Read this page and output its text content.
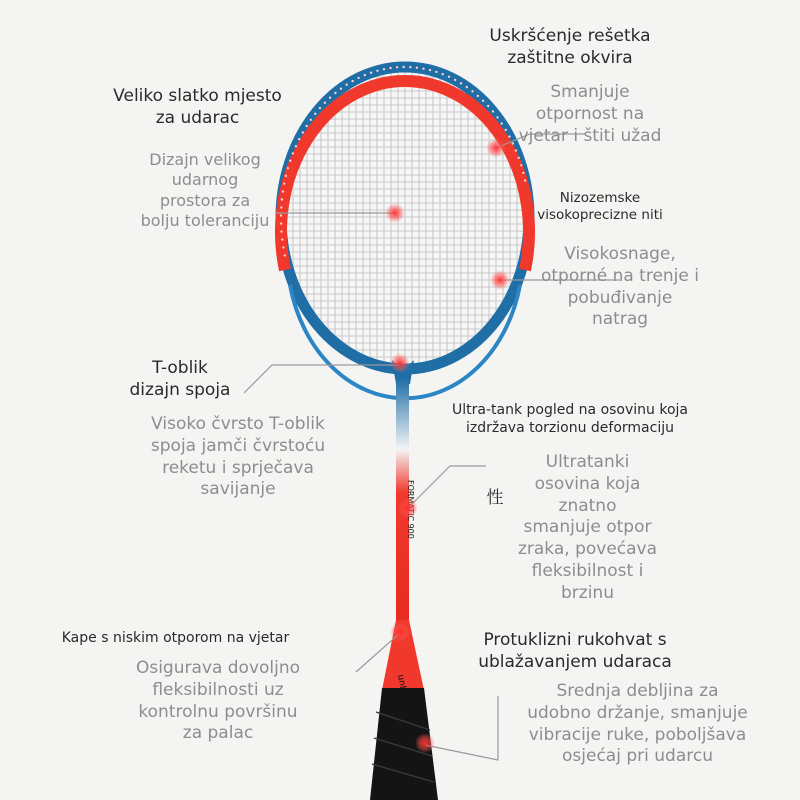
Uskršćenje rešetka
zaštitne okvira
Smanjuje
otpornost na
vjetar i štiti užad
Veliko slatko mjesto
za udarac
Dizajn velikog
udarnog
prostora za
bolju toleranciju
Nizozemske
visokoprecizne niti
Visokosnage,
otporné na trenje i
pobuđivanje
natrag
T-oblik
dizajn spoja
Visoko čvrsto T-oblik
spoja jamči čvrstoću
reketu i sprječava
savijanje
Ultra-tank pogled na osovinu koja
izdržava torzionu deformaciju
性
Ultratanki
osovina koja
znatno
smanjuje otpor
zraka, povećava
fleksibilnost i
brzinu
Kape s niskim otporom na vjetar
Osigurava dovoljno
fleksibilnosti uz
kontrolnu površinu
za palac
Protuklizni rukohvat s
ublažavanjem udaraca
Srednja debljina za
udobno držanje, smanjuje
vibracije ruke, poboljšava
osjećaj pri udarcu
